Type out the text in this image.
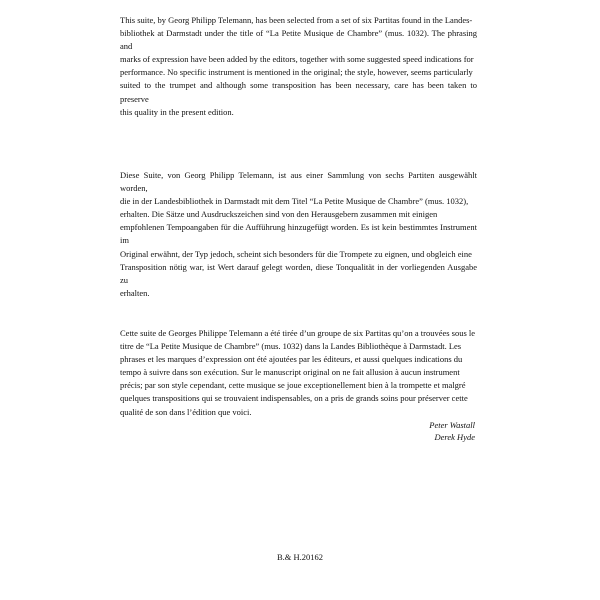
This suite, by Georg Philipp Telemann, has been selected from a set of six Partitas found in the Landes-
bibliothek at Darmstadt under the title of “La Petite Musique de Chambre” (mus. 1032). The phrasing and
marks of expression have been added by the editors, together with some suggested speed indications for
performance. No specific instrument is mentioned in the original; the style, however, seems particularly
suited to the trumpet and although some transposition has been necessary, care has been taken to preserve
this quality in the present edition.

Diese Suite, von Georg Philipp Telemann, ist aus einer Sammlung von sechs Partiten ausgewählt worden,
die in der Landesbibliothek in Darmstadt mit dem Titel “La Petite Musique de Chambre” (mus. 1032),
erhalten. Die Sätze und Ausdruckszeichen sind von den Herausgebern zusammen mit einigen
empfohlenen Tempoangaben für die Aufführung hinzugefügt worden. Es ist kein bestimmtes Instrument im
Original erwähnt, der Typ jedoch, scheint sich besonders für die Trompete zu eignen, und obgleich eine
Transposition nötig war, ist Wert darauf gelegt worden, diese Tonqualität in der vorliegenden Ausgabe zu
erhalten.

Cette suite de Georges Philippe Telemann a été tirée d’un groupe de six Partitas qu’on a trouvées sous le
titre de “La Petite Musique de Chambre” (mus. 1032) dans la Landes Bibliothèque à Darmstadt. Les
phrases et les marques d’expression ont été ajoutées par les éditeurs, et aussi quelques indications du
tempo à suivre dans son exécution. Sur le manuscript original on ne fait allusion à aucun instrument
précis; par son style cependant, cette musique se joue exceptionellement bien à la trompette et malgré
quelques transpositions qui se trouvaient indispensables, on a pris de grands soins pour préserver cette
qualité de son dans l’édition que voici.

Peter Wastall
Derek Hyde
B.& H.20162
